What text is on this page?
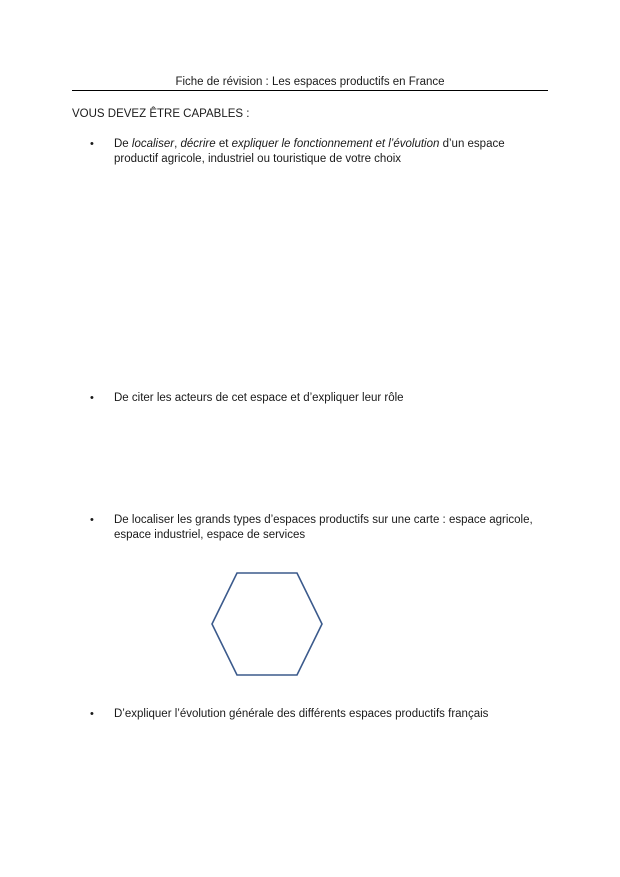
Fiche de révision : Les espaces productifs en France
VOUS DEVEZ ÊTRE CAPABLES :
•	De localiser, décrire et expliquer le fonctionnement et l’évolution d’un espace productif agricole, industriel ou touristique de votre choix
•	De citer les acteurs de cet espace et d’expliquer leur rôle
•	De localiser les grands types d’espaces productifs sur une carte : espace agricole, espace industriel, espace de services
•	D’expliquer l’évolution générale des différents espaces productifs français
